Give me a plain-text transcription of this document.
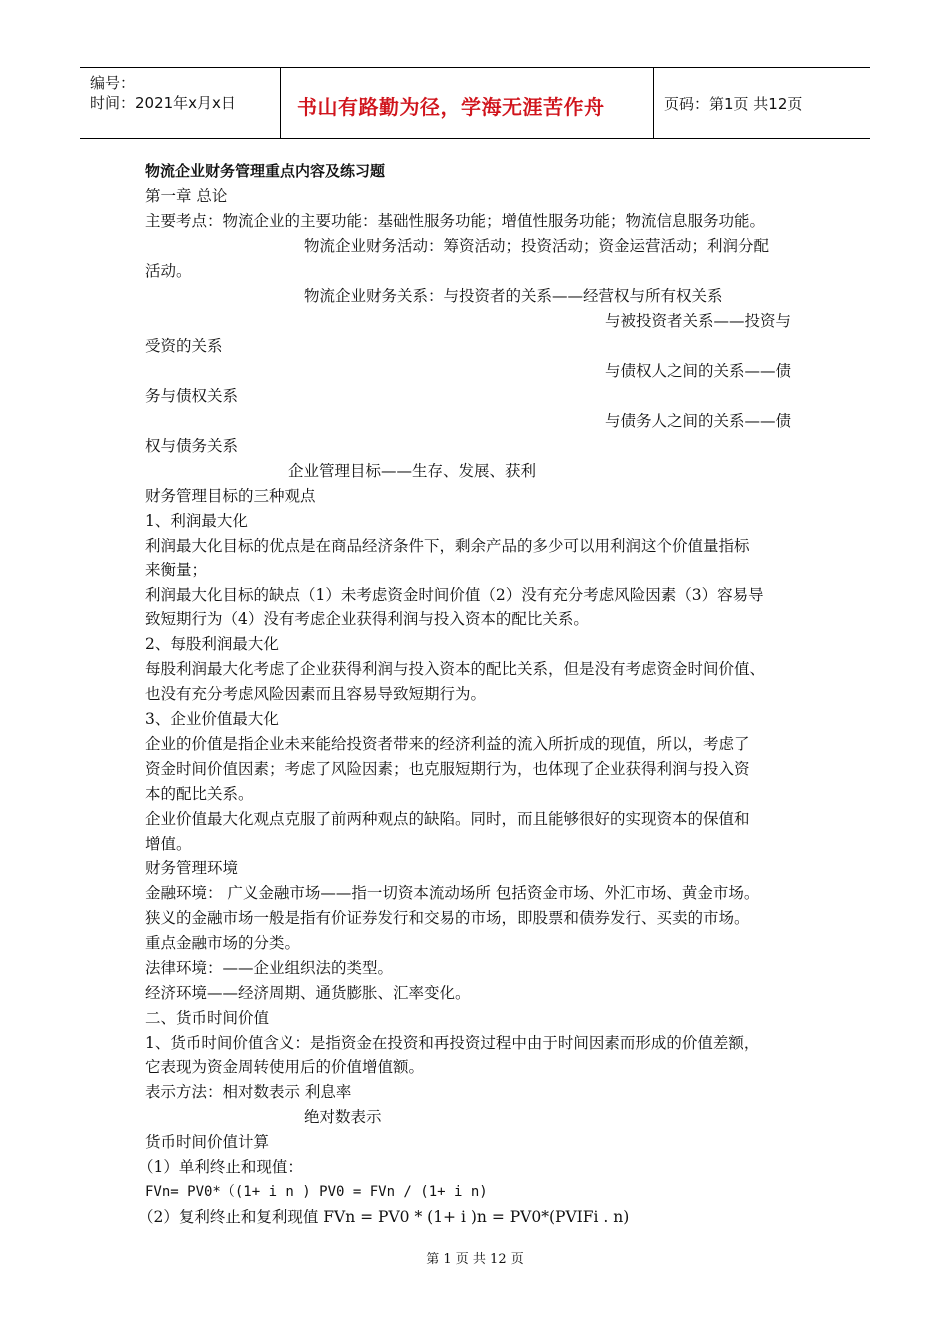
编号：
时间：2021年x月x日	书山有路勤为径，学海无涯苦作舟	页码：第1页 共12页
物流企业财务管理重点内容及练习题
第一章 总论
主要考点：物流企业的主要功能：基础性服务功能；增值性服务功能；物流信息服务功能。
物流企业财务活动：筹资活动；投资活动；资金运营活动；利润分配
活动。
物流企业财务关系：与投资者的关系——经营权与所有权关系
与被投资者关系——投资与
受资的关系
与债权人之间的关系——债
务与债权关系
与债务人之间的关系——债
权与债务关系
企业管理目标——生存、发展、获利
财务管理目标的三种观点
1、利润最大化
利润最大化目标的优点是在商品经济条件下，剩余产品的多少可以用利润这个价值量指标
来衡量；
利润最大化目标的缺点（1）未考虑资金时间价值（2）没有充分考虑风险因素（3）容易导
致短期行为（4）没有考虑企业获得利润与投入资本的配比关系。
2、每股利润最大化
每股利润最大化考虑了企业获得利润与投入资本的配比关系，但是没有考虑资金时间价值、
也没有充分考虑风险因素而且容易导致短期行为。
3、企业价值最大化
企业的价值是指企业未来能给投资者带来的经济利益的流入所折成的现值，所以，考虑了
资金时间价值因素；考虑了风险因素；也克服短期行为，也体现了企业获得利润与投入资
本的配比关系。
企业价值最大化观点克服了前两种观点的缺陷。同时，而且能够很好的实现资本的保值和
增值。
财务管理环境
金融环境： 广义金融市场——指一切资本流动场所 包括资金市场、外汇市场、黄金市场。
狭义的金融市场一般是指有价证券发行和交易的市场，即股票和债券发行、买卖的市场。
重点金融市场的分类。
法律环境：——企业组织法的类型。
经济环境——经济周期、通货膨胀、汇率变化。
二、货币时间价值
1、货币时间价值含义：是指资金在投资和再投资过程中由于时间因素而形成的价值差额，
它表现为资金周转使用后的价值增值额。
表示方法：相对数表示 利息率
绝对数表示
货币时间价值计算
（1）单利终止和现值：
FVn= PV0*（(1+ i n ) PV0 = FVn / (1+ i n)
（2）复利终止和复利现值 FVn = PV0 * (1+ i )n = PV0*(PVIFi . n)
第 1 页 共 12 页
